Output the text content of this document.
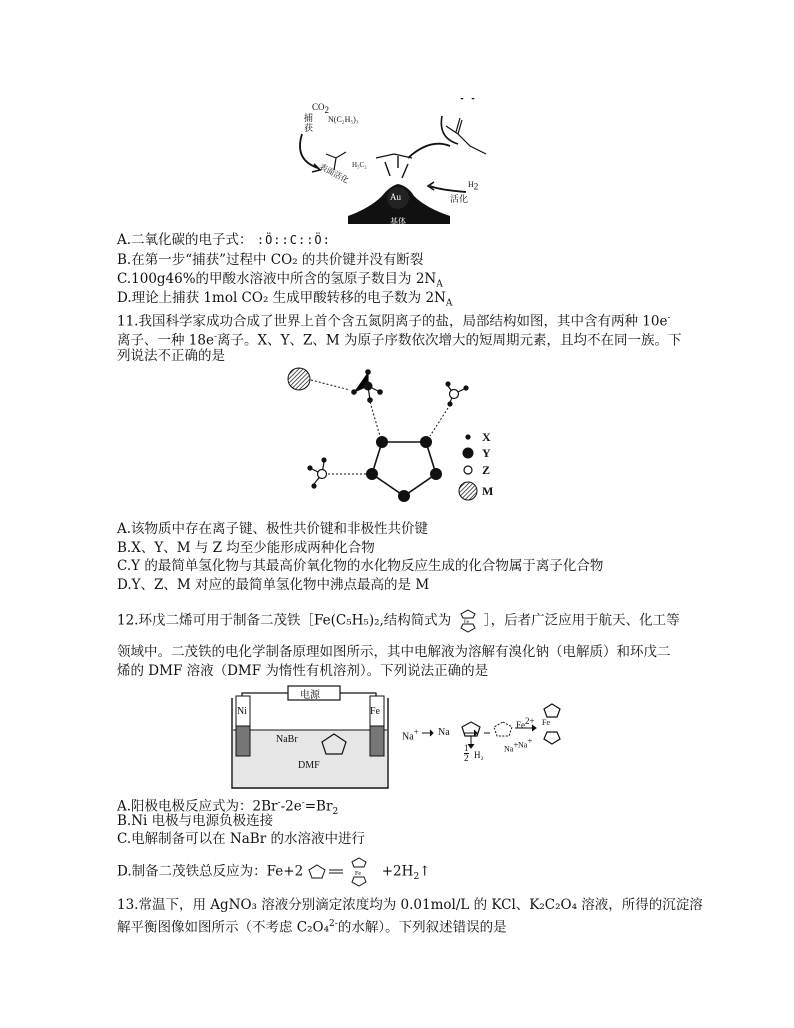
$CO_2$
捕获
N(C₂H₅)₃
表面活化
Au
基体
活化
$H_2$
H₅C₂
A.二氧化碳的电子式： :Ö::C::Ö:
B.在第一步“捕获”过程中 CO₂ 的共价键并没有断裂
C.100g46%的甲酸水溶液中所含的氢原子数目为 $2N_A$
D.理论上捕获 1mol CO₂ 生成甲酸转移的电子数为 $2N_A$
11.我国科学家成功合成了世界上首个含五氮阴离子的盐，局部结构如图，其中含有两种 10e-
离子、一种 18e-离子。X、Y、Z、M 为原子序数依次增大的短周期元素，且均不在同一族。下
列说法不正确的是
X
Y
Z
M
A.该物质中存在离子键、极性共价键和非极性共价键
B.X、Y、M 与 Z 均至少能形成两种化合物
C.Y 的最简单氢化物与其最高价氧化物的水化物反应生成的化合物属于离子化合物
D.Y、Z、M 对应的最简单氢化物中沸点最高的是 M
12.环戊二烯可用于制备二茂铁［Fe(C₅H₅)₂,结构简式为 Fe ］，后者广泛应用于航天、化工等
领域中。二茂铁的电化学制备原理如图所示，其中电解液为溶解有溴化钠（电解质）和环戊二
烯的 DMF 溶液（DMF 为惰性有机溶剂）。下列说法正确的是
电源
Ni	Fe
NaBr
DMF
Na+ Na
1
2 H₂
Na+
$Fe^{2+}$
Na+
Fe
A.阳极电极反应式为：$2Br^--2e^-=Br_2$
B.Ni 电极与电源负极连接
C.电解制备可以在 NaBr 的水溶液中进行
D.制备二茂铁总反应为：Fe+2	$Fe +2H_2↑$
13.常温下，用 AgNO₃ 溶液分别滴定浓度均为 0.01mol/L 的 KCl、K₂C₂O₄ 溶液，所得的沉淀溶
解平衡图像如图所示（不考虑 C₂O₄$^{2-}$的水解）。下列叙述错误的是
